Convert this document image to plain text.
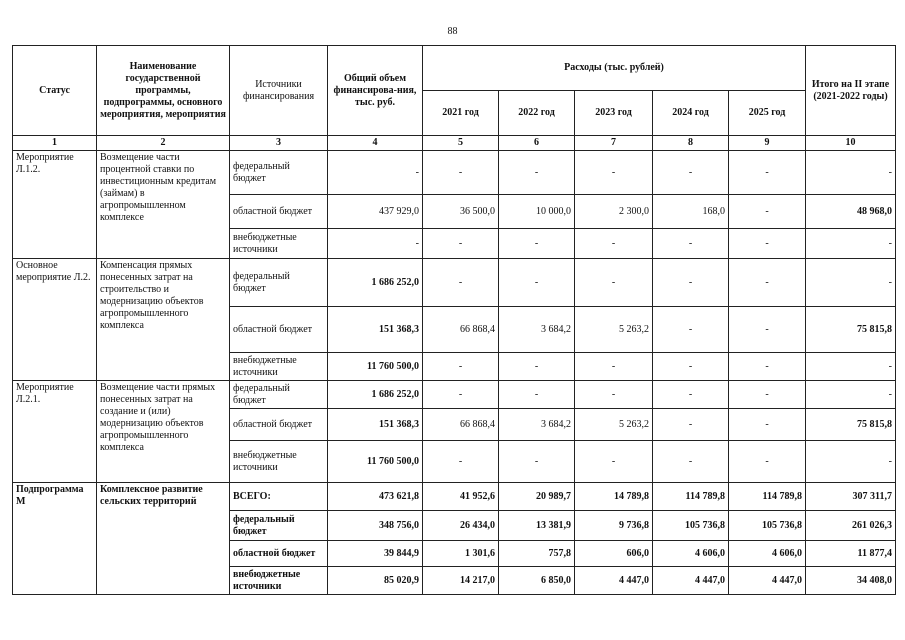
88
Статус	Наименование государственной программы, подпрограммы, основного мероприятия, мероприятия	Источники финансирования	Общий объем финансирова-ния, тыс. руб.	Расходы (тыс. рублей)					Итого на II этапе (2021-2022 годы)
				2021 год	2022 год	2023 год	2024 год	2025 год	
1	2	3	4	5	6	7	8	9	10
Мероприятие Л.1.2.	Возмещение части процентной ставки по инвестиционным кредитам (займам) в агропромышленном комплексе	федеральный бюджет	-	-	-	-	-	-	-
		областной бюджет	437 929,0	36 500,0	10 000,0	2 300,0	168,0	-	48 968,0
		внебюджетные источники	-	-	-	-	-	-	-
Основное мероприятие Л.2.	Компенсация прямых понесенных затрат на строительство и модернизацию объектов агропромышленного комплекса	федеральный бюджет	1 686 252,0	-	-	-	-	-	-
		областной бюджет	151 368,3	66 868,4	3 684,2	5 263,2	-	-	75 815,8
		внебюджетные источники	11 760 500,0	-	-	-	-	-	-
Мероприятие Л.2.1.	Возмещение части прямых понесенных затрат на создание и (или) модернизацию объектов агропромышленного комплекса	федеральный бюджет	1 686 252,0	-	-	-	-	-	-
		областной бюджет	151 368,3	66 868,4	3 684,2	5 263,2	-	-	75 815,8
		внебюджетные источники	11 760 500,0	-	-	-	-	-	-
Подпрограмма М	Комплексное развитие сельских территорий	ВСЕГО:	473 621,8	41 952,6	20 989,7	14 789,8	114 789,8	114 789,8	307 311,7
		федеральный бюджет	348 756,0	26 434,0	13 381,9	9 736,8	105 736,8	105 736,8	261 026,3
		областной бюджет	39 844,9	1 301,6	757,8	606,0	4 606,0	4 606,0	11 877,4
		внебюджетные источники	85 020,9	14 217,0	6 850,0	4 447,0	4 447,0	4 447,0	34 408,0
